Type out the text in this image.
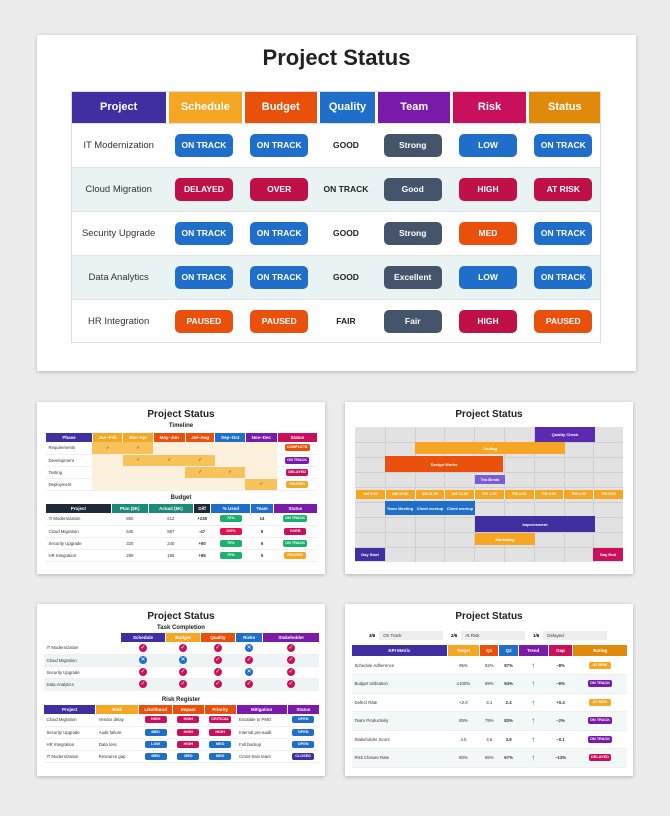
Project Status
Project	Schedule	Budget	Quality	Team	Risk	Status
IT Modernization	ON TRACK	ON TRACK	GOOD	Strong	LOW	ON TRACK
Cloud Migration	DELAYED	OVER	ON TRACK	Good	HIGH	AT RISK
Security Upgrade	ON TRACK	ON TRACK	GOOD	Strong	MED	ON TRACK
Data Analytics	ON TRACK	ON TRACK	GOOD	Excellent	LOW	ON TRACK
HR Integration	PAUSED	PAUSED	FAIR	Fair	HIGH	PAUSED
Project Status
Timeline
Phase	Jan–Feb	Mar–Apr	May–Jun	Jul–Aug	Sep–Oct	Nov–Dec	Status
Requirements	✓	✓					COMPLETE
Development		✓	✓	✓			ON TRACK
Testing				✓	✓		DELAYED
Deployment						✓	PAUSED
Budget
Project	Plan ($K)	Actual ($K)	Diff	% Used	Team	Status
IT Modernization	850	612	+238	72%	14	ON TRACK
Cloud Migration	540	587	-47	109%	9	OVER
Security Upgrade	320	240	+80	75%	6	ON TRACK
HR Integration	280	195	+85	70%	5	PAUSED
Project Status
Quality Check
Coding
Design Works
Tea Break
Team Meeting Client meetup Client meetup
Improvement
Marketing
Day Start	Day End
AM 9.00	AM 10.00	AM 11.00	AM 12.00	PM 1.00	PM 2.00	PM 3.00	PM 4.00	PM 5.00
Project Status
Task Completion
	Schedule	Budget	Quality	Risks	Stakeholder
IT Modernization	✓	✓	✓	✕	✓
Cloud Migration	✕	✕	✓	✓	✓
Security Upgrade	✓	✓	✓	✕	✓
Data Analytics	✓	✓	✓	✓	✓
Risk Register
Project	Risk	Likelihood	Impact	Priority	Mitigation	Status
Cloud Migration	Vendor delay	HIGH	HIGH	CRITICAL	Escalate to PMO	OPEN
Security Upgrade	Audit failure	MED	HIGH	HIGH	Internal pre-audit	OPEN
HR Integration	Data loss	LOW	HIGH	MED	Full backup	OPEN
IT Modernization	Resource gap	MED	MED	MED	Cross-train team	CLOSED
Project Status
3/6	On Track	2/6	At Risk	1/6	Delayed
KPI Metric	Target	Q1	Q2	Trend	Gap	Rating
Schedule Adherence	95%	82%	87%	↑	−8%	AT RISK
Budget Utilization	≤100%	89%	94%	↑	−6%	ON TRACK
Defect Rate	<2.0	3.1	2.4	↑	+0.4	AT RISK
Team Productivity	85%	79%	83%	↑	−2%	ON TRACK
Stakeholder Score	4.0	3.6	3.9	↑	−0.1	ON TRACK
Risk Closure Rate	80%	55%	67%	↑	−13%	DELAYED
